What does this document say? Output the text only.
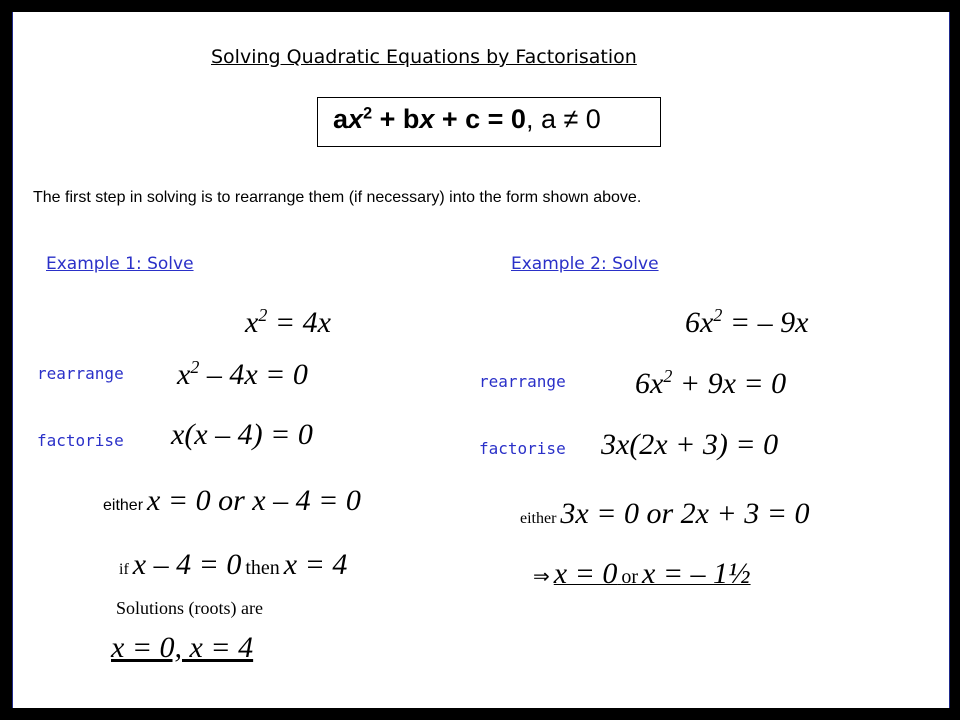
Solving Quadratic Equations by Factorisation
$ax^2$ + bx + c = 0, a ≠ 0
The first step in solving is to rearrange them (if necessary) into the form shown above.
Example 1: Solve
$x^2 = 4x$
rearrange $x^2 - 4x = 0$
factorise x(x – 4) = 0
either x = 0 or x – 4 = 0
if x – 4 = 0 then x = 4
Solutions (roots) are
x = 0, x = 4
Example 2: Solve
$6x^2$ = – 9x
rearrange $6x^2 + 9x = 0$
factorise 3x(2x + 3) = 0
either 3x = 0 or 2x + 3 = 0
⇒ x = 0 or x = – 1½
